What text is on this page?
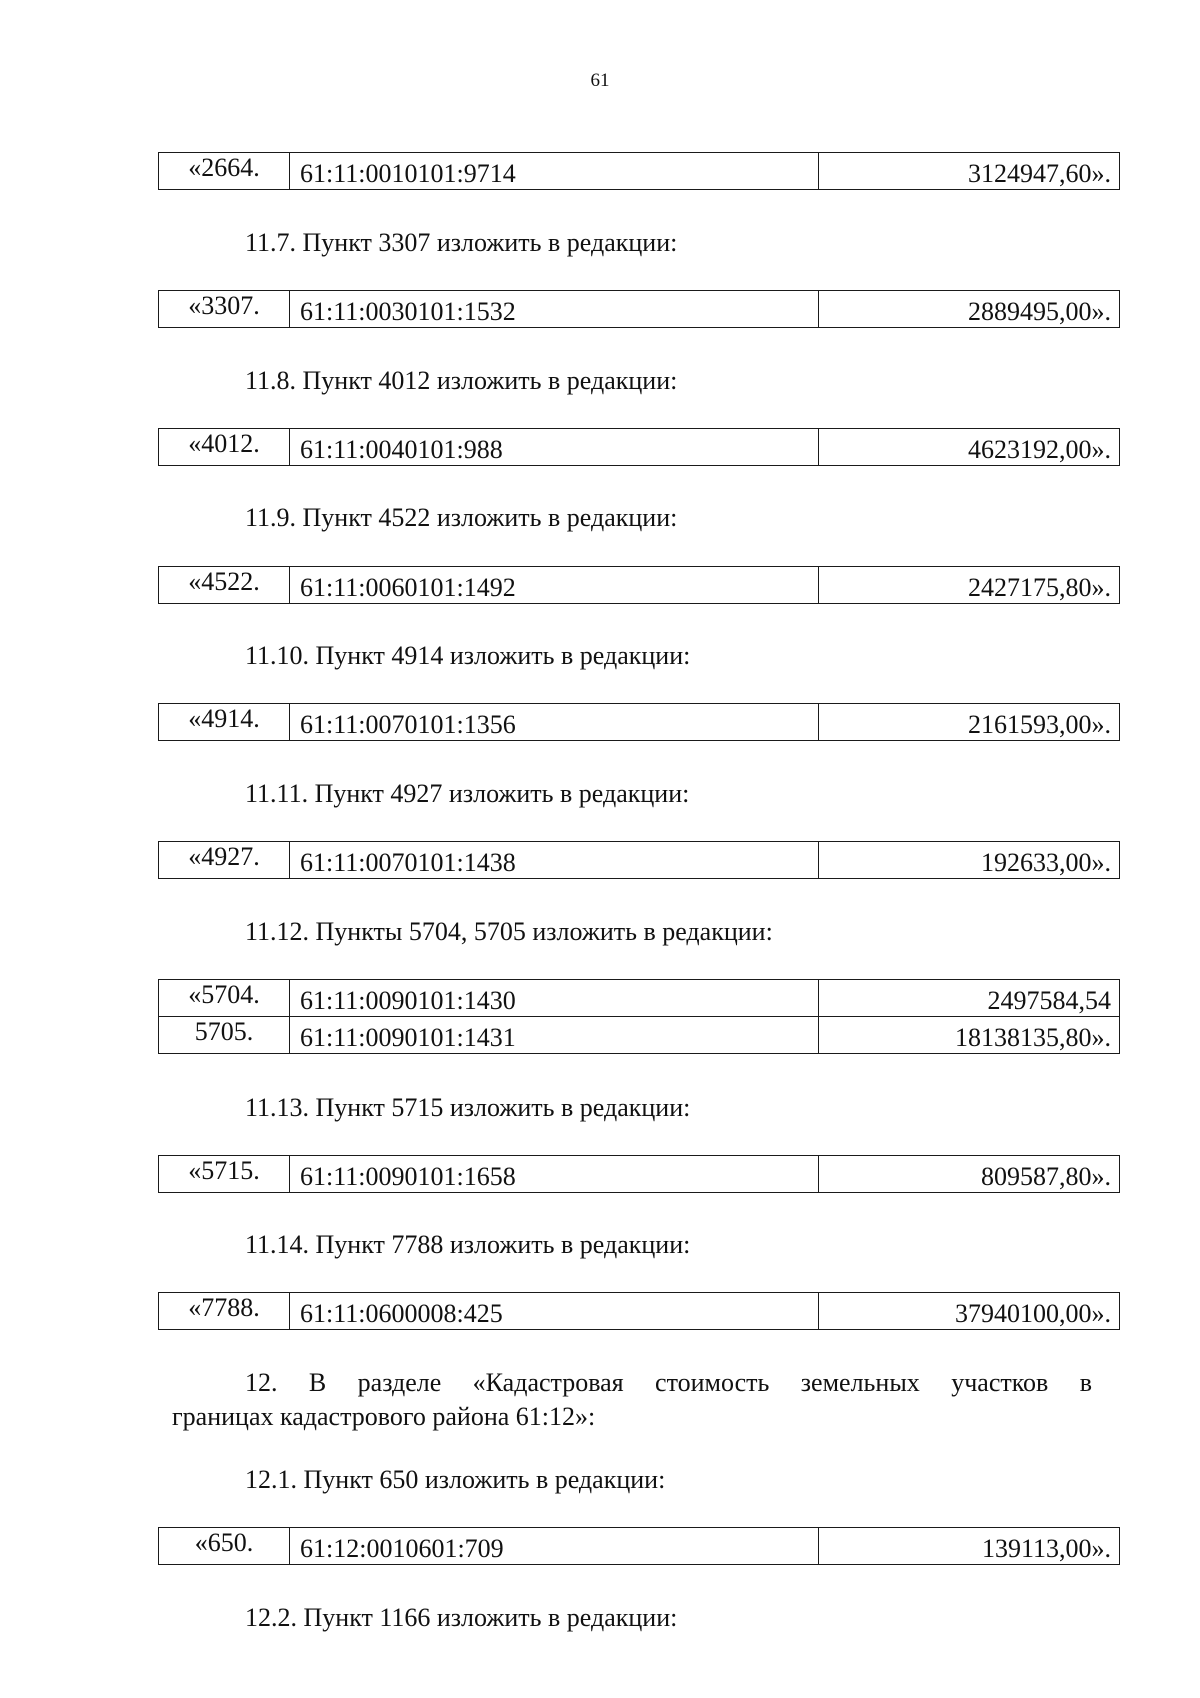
61
«2664.	61:11:0010101:9714	3124947,60».
11.7. Пункт 3307 изложить в редакции:
«3307.	61:11:0030101:1532	2889495,00».
11.8. Пункт 4012 изложить в редакции:
«4012.	61:11:0040101:988	4623192,00».
11.9. Пункт 4522 изложить в редакции:
«4522.	61:11:0060101:1492	2427175,80».
11.10. Пункт 4914 изложить в редакции:
«4914.	61:11:0070101:1356	2161593,00».
11.11. Пункт 4927 изложить в редакции:
«4927.	61:11:0070101:1438	192633,00».
11.12. Пункты 5704, 5705 изложить в редакции:
«5704.	61:11:0090101:1430	2497584,54
5705.	61:11:0090101:1431	18138135,80».
11.13. Пункт 5715 изложить в редакции:
«5715.	61:11:0090101:1658	809587,80».
11.14. Пункт 7788 изложить в редакции:
«7788.	61:11:0600008:425	37940100,00».
12. В разделе «Кадастровая стоимость земельных участков в
границах кадастрового района 61:12»:
12.1. Пункт 650 изложить в редакции:
«650.	61:12:0010601:709	139113,00».
12.2. Пункт 1166 изложить в редакции:
